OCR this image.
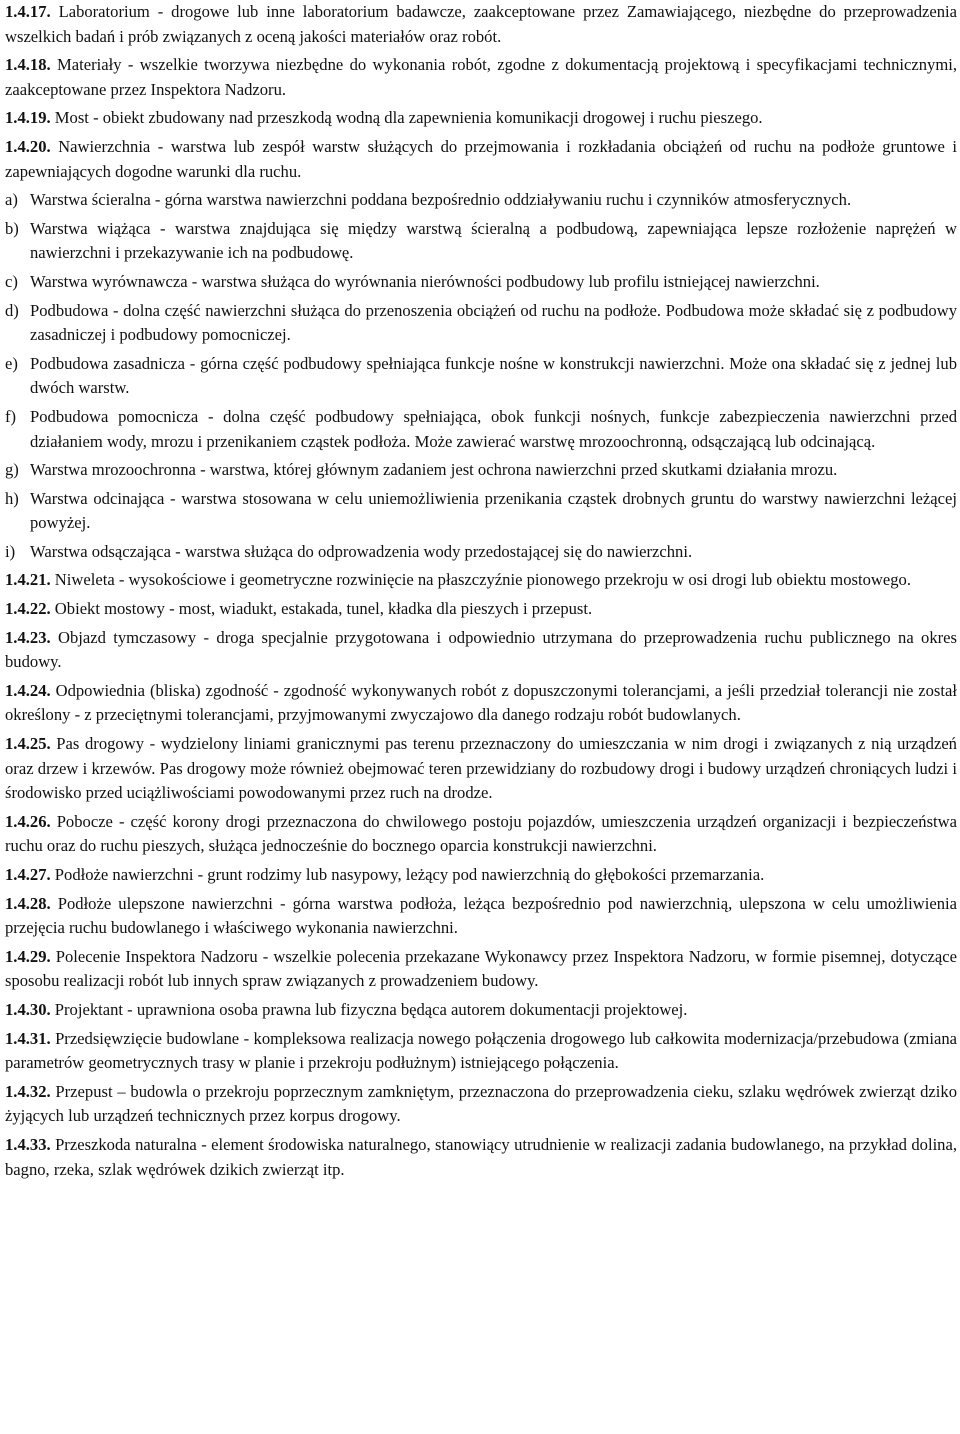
1.4.17. Laboratorium - drogowe lub inne laboratorium badawcze, zaakceptowane przez Zamawiającego, niezbędne do przeprowadzenia wszelkich badań i prób związanych z oceną jakości materiałów oraz robót.

1.4.18. Materiały - wszelkie tworzywa niezbędne do wykonania robót, zgodne z dokumentacją projektową i specyfikacjami technicznymi, zaakceptowane przez Inspektora Nadzoru.

1.4.19. Most - obiekt zbudowany nad przeszkodą wodną dla zapewnienia komunikacji drogowej i ruchu pieszego.

1.4.20. Nawierzchnia - warstwa lub zespół warstw służących do przejmowania i rozkładania obciążeń od ruchu na podłoże gruntowe i zapewniających dogodne warunki dla ruchu.

a) Warstwa ścieralna - górna warstwa nawierzchni poddana bezpośrednio oddziaływaniu ruchu i czynników atmosferycznych.

b) Warstwa wiążąca - warstwa znajdująca się między warstwą ścieralną a podbudową, zapewniająca lepsze rozłożenie naprężeń w nawierzchni i przekazywanie ich na podbudowę.

c) Warstwa wyrównawcza - warstwa służąca do wyrównania nierówności podbudowy lub profilu istniejącej nawierzchni.

d) Podbudowa - dolna część nawierzchni służąca do przenoszenia obciążeń od ruchu na podłoże. Podbudowa może składać się z podbudowy zasadniczej i podbudowy pomocniczej.

e) Podbudowa zasadnicza - górna część podbudowy spełniająca funkcje nośne w konstrukcji nawierzchni. Może ona składać się z jednej lub dwóch warstw.

f) Podbudowa pomocnicza - dolna część podbudowy spełniająca, obok funkcji nośnych, funkcje zabezpieczenia nawierzchni przed działaniem wody, mrozu i przenikaniem cząstek podłoża. Może zawierać warstwę mrozoochronną, odsączającą lub odcinającą.

g) Warstwa mrozoochronna - warstwa, której głównym zadaniem jest ochrona nawierzchni przed skutkami działania mrozu.

h) Warstwa odcinająca - warstwa stosowana w celu uniemożliwienia przenikania cząstek drobnych gruntu do warstwy nawierzchni leżącej powyżej.

i) Warstwa odsączająca - warstwa służąca do odprowadzenia wody przedostającej się do nawierzchni.

1.4.21. Niweleta - wysokościowe i geometryczne rozwinięcie na płaszczyźnie pionowego przekroju w osi drogi lub obiektu mostowego.

1.4.22. Obiekt mostowy - most, wiadukt, estakada, tunel, kładka dla pieszych i przepust.

1.4.23. Objazd tymczasowy - droga specjalnie przygotowana i odpowiednio utrzymana do przeprowadzenia ruchu publicznego na okres budowy.

1.4.24. Odpowiednia (bliska) zgodność - zgodność wykonywanych robót z dopuszczonymi tolerancjami, a jeśli przedział tolerancji nie został określony - z przeciętnymi tolerancjami, przyjmowanymi zwyczajowo dla danego rodzaju robót budowlanych.

1.4.25. Pas drogowy - wydzielony liniami granicznymi pas terenu przeznaczony do umieszczania w nim drogi i związanych z nią urządzeń oraz drzew i krzewów. Pas drogowy może również obejmować teren przewidziany do rozbudowy drogi i budowy urządzeń chroniących ludzi i środowisko przed uciążliwościami powodowanymi przez ruch na drodze.

1.4.26. Pobocze - część korony drogi przeznaczona do chwilowego postoju pojazdów, umieszczenia urządzeń organizacji i bezpieczeństwa ruchu oraz do ruchu pieszych, służąca jednocześnie do bocznego oparcia konstrukcji nawierzchni.

1.4.27. Podłoże nawierzchni - grunt rodzimy lub nasypowy, leżący pod nawierzchnią do głębokości przemarzania.

1.4.28. Podłoże ulepszone nawierzchni - górna warstwa podłoża, leżąca bezpośrednio pod nawierzchnią, ulepszona w celu umożliwienia przejęcia ruchu budowlanego i właściwego wykonania nawierzchni.

1.4.29. Polecenie Inspektora Nadzoru - wszelkie polecenia przekazane Wykonawcy przez Inspektora Nadzoru, w formie pisemnej, dotyczące sposobu realizacji robót lub innych spraw związanych z prowadzeniem budowy.

1.4.30. Projektant - uprawniona osoba prawna lub fizyczna będąca autorem dokumentacji projektowej.

1.4.31. Przedsięwzięcie budowlane - kompleksowa realizacja nowego połączenia drogowego lub całkowita modernizacja/przebudowa (zmiana parametrów geometrycznych trasy w planie i przekroju podłużnym) istniejącego połączenia.

1.4.32. Przepust – budowla o przekroju poprzecznym zamkniętym, przeznaczona do przeprowadzenia cieku, szlaku wędrówek zwierząt dziko żyjących lub urządzeń technicznych przez korpus drogowy.

1.4.33. Przeszkoda naturalna - element środowiska naturalnego, stanowiący utrudnienie w realizacji zadania budowlanego, na przykład dolina, bagno, rzeka, szlak wędrówek dzikich zwierząt itp.
